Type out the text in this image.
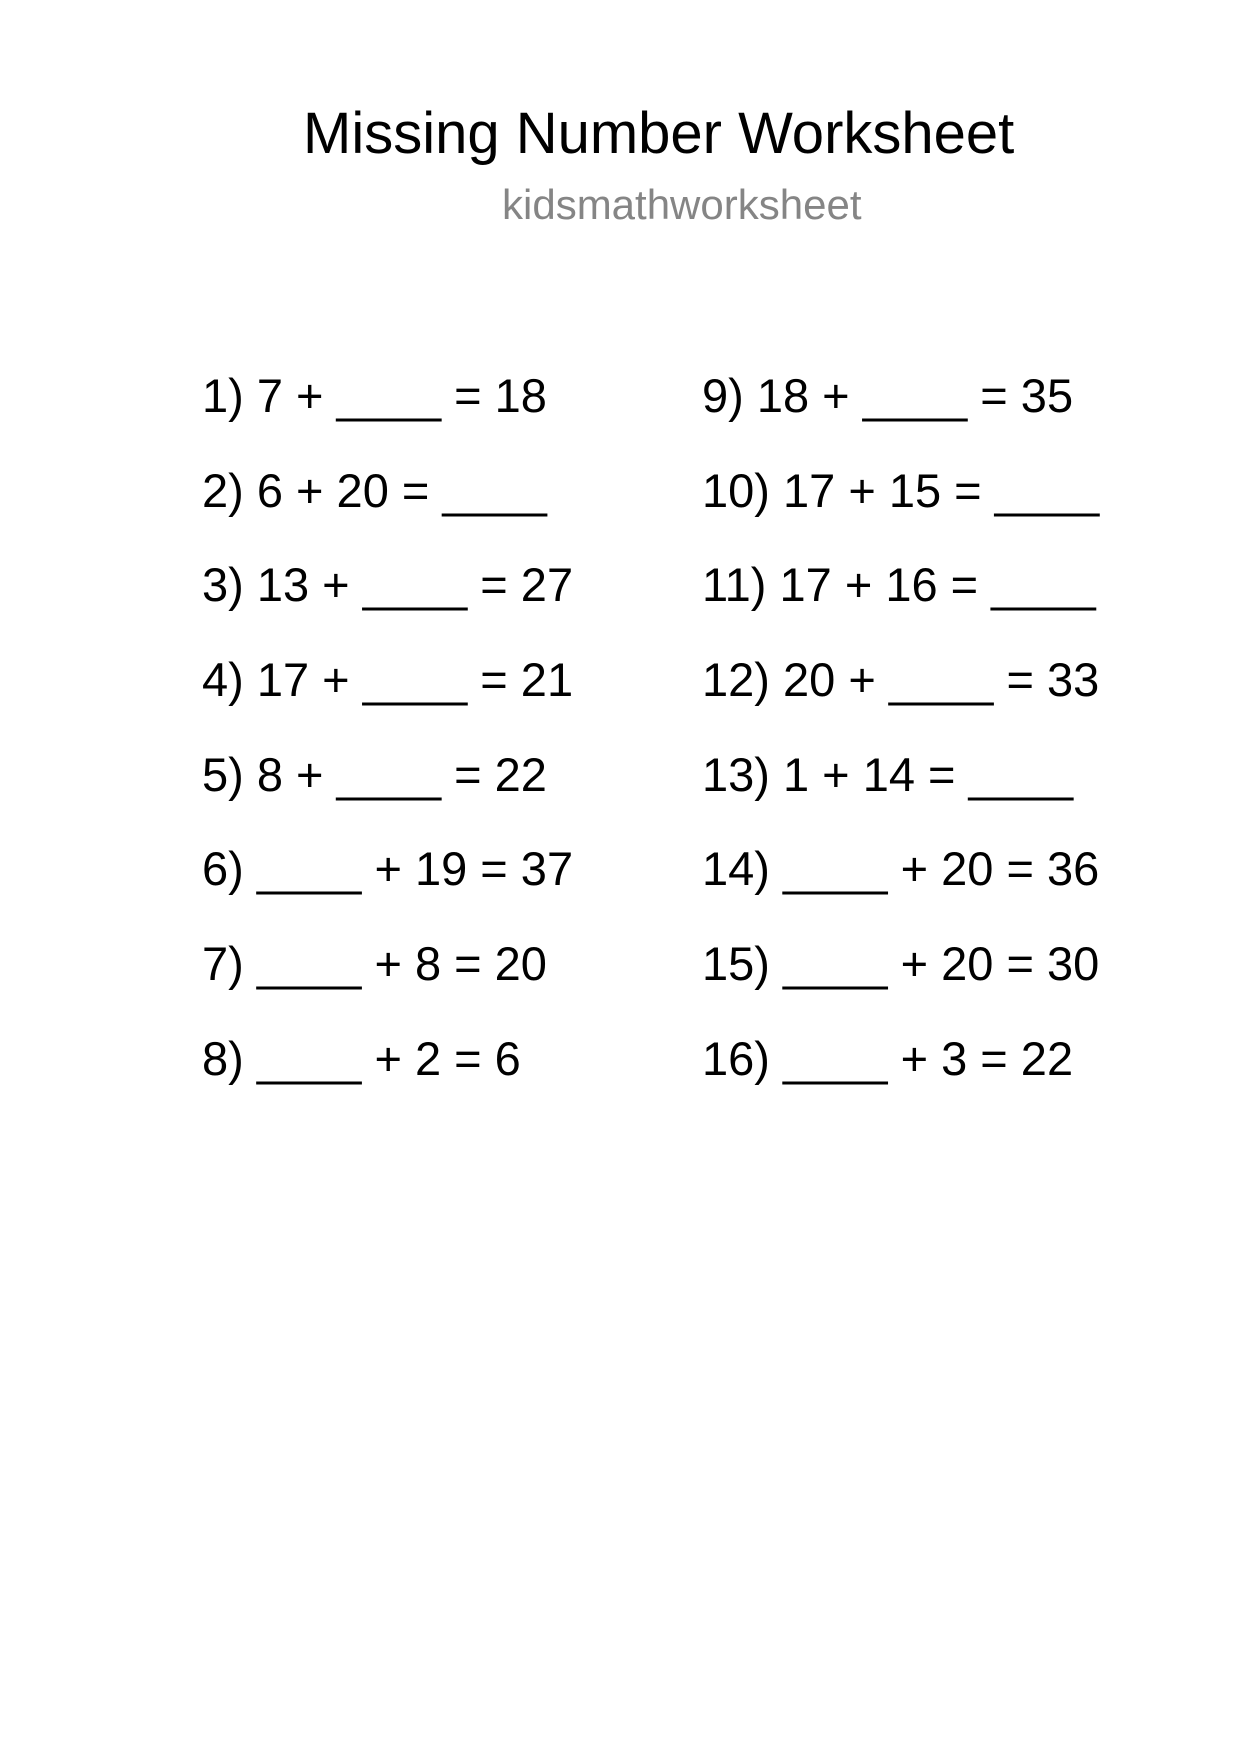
Missing Number Worksheet
kidsmathworksheet
1) 7 + ____ = 18
2) 6 + 20 = ____
3) 13 + ____ = 27
4) 17 + ____ = 21
5) 8 + ____ = 22
6) ____ + 19 = 37
7) ____ + 8 = 20
8) ____ + 2 = 6
9) 18 + ____ = 35
10) 17 + 15 = ____
11) 17 + 16 = ____
12) 20 + ____ = 33
13) 1 + 14 = ____
14) ____ + 20 = 36
15) ____ + 20 = 30
16) ____ + 3 = 22
